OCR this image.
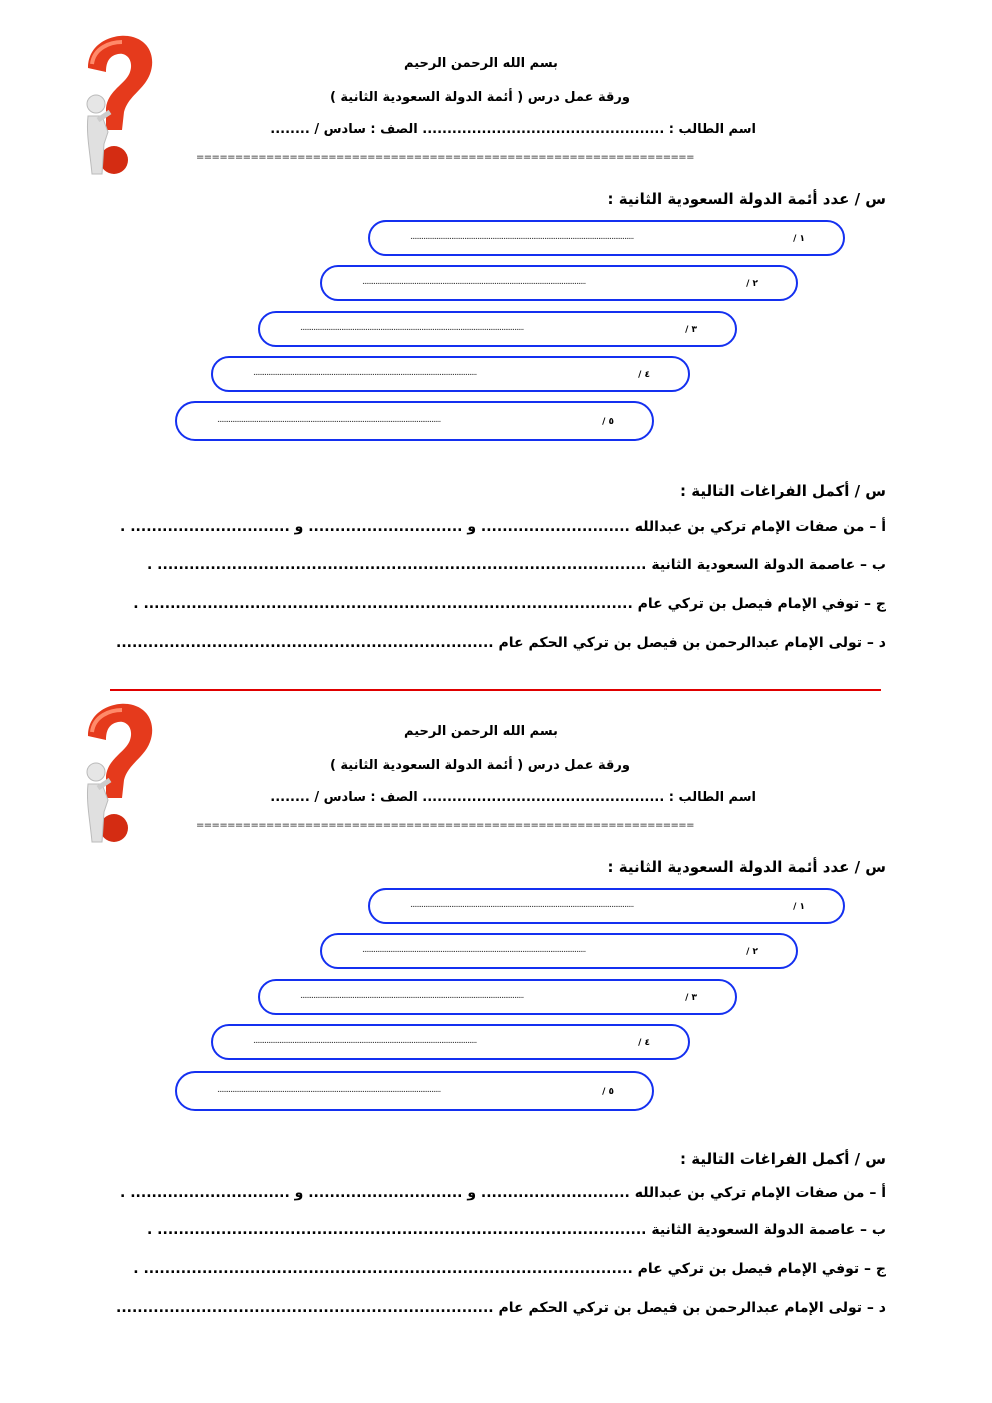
بسم الله الرحمن الرحيم
ورقة عمل درس ( أئمة الدولة السعودية الثانية )
اسم الطالب : ................................................. الصف : سادس / ........
================================================================
س / عدد أئمة الدولة السعودية الثانية :
١ /
........................................................................................................................
٢ /
........................................................................................................................
٣ /
........................................................................................................................
٤ /
........................................................................................................................
٥ /
........................................................................................................................
س / أكمل الفراغات التالية :
أ – من صفات الإمام تركي بن عبدالله ............................ و ............................. و .............................. .
ب – عاصمة الدولة السعودية الثانية ............................................................................................ .
ج – توفي الإمام فيصل بن تركي عام ............................................................................................ .
د – تولى الإمام عبدالرحمن بن فيصل بن تركي الحكم عام .......................................................................
بسم الله الرحمن الرحيم
ورقة عمل درس ( أئمة الدولة السعودية الثانية )
اسم الطالب : ................................................. الصف : سادس / ........
================================================================
س / عدد أئمة الدولة السعودية الثانية :
١ /
........................................................................................................................
٢ /
........................................................................................................................
٣ /
........................................................................................................................
٤ /
........................................................................................................................
٥ /
........................................................................................................................
س / أكمل الفراغات التالية :
أ – من صفات الإمام تركي بن عبدالله ............................ و ............................. و .............................. .
ب – عاصمة الدولة السعودية الثانية ............................................................................................ .
ج – توفي الإمام فيصل بن تركي عام ............................................................................................ .
د – تولى الإمام عبدالرحمن بن فيصل بن تركي الحكم عام .......................................................................
